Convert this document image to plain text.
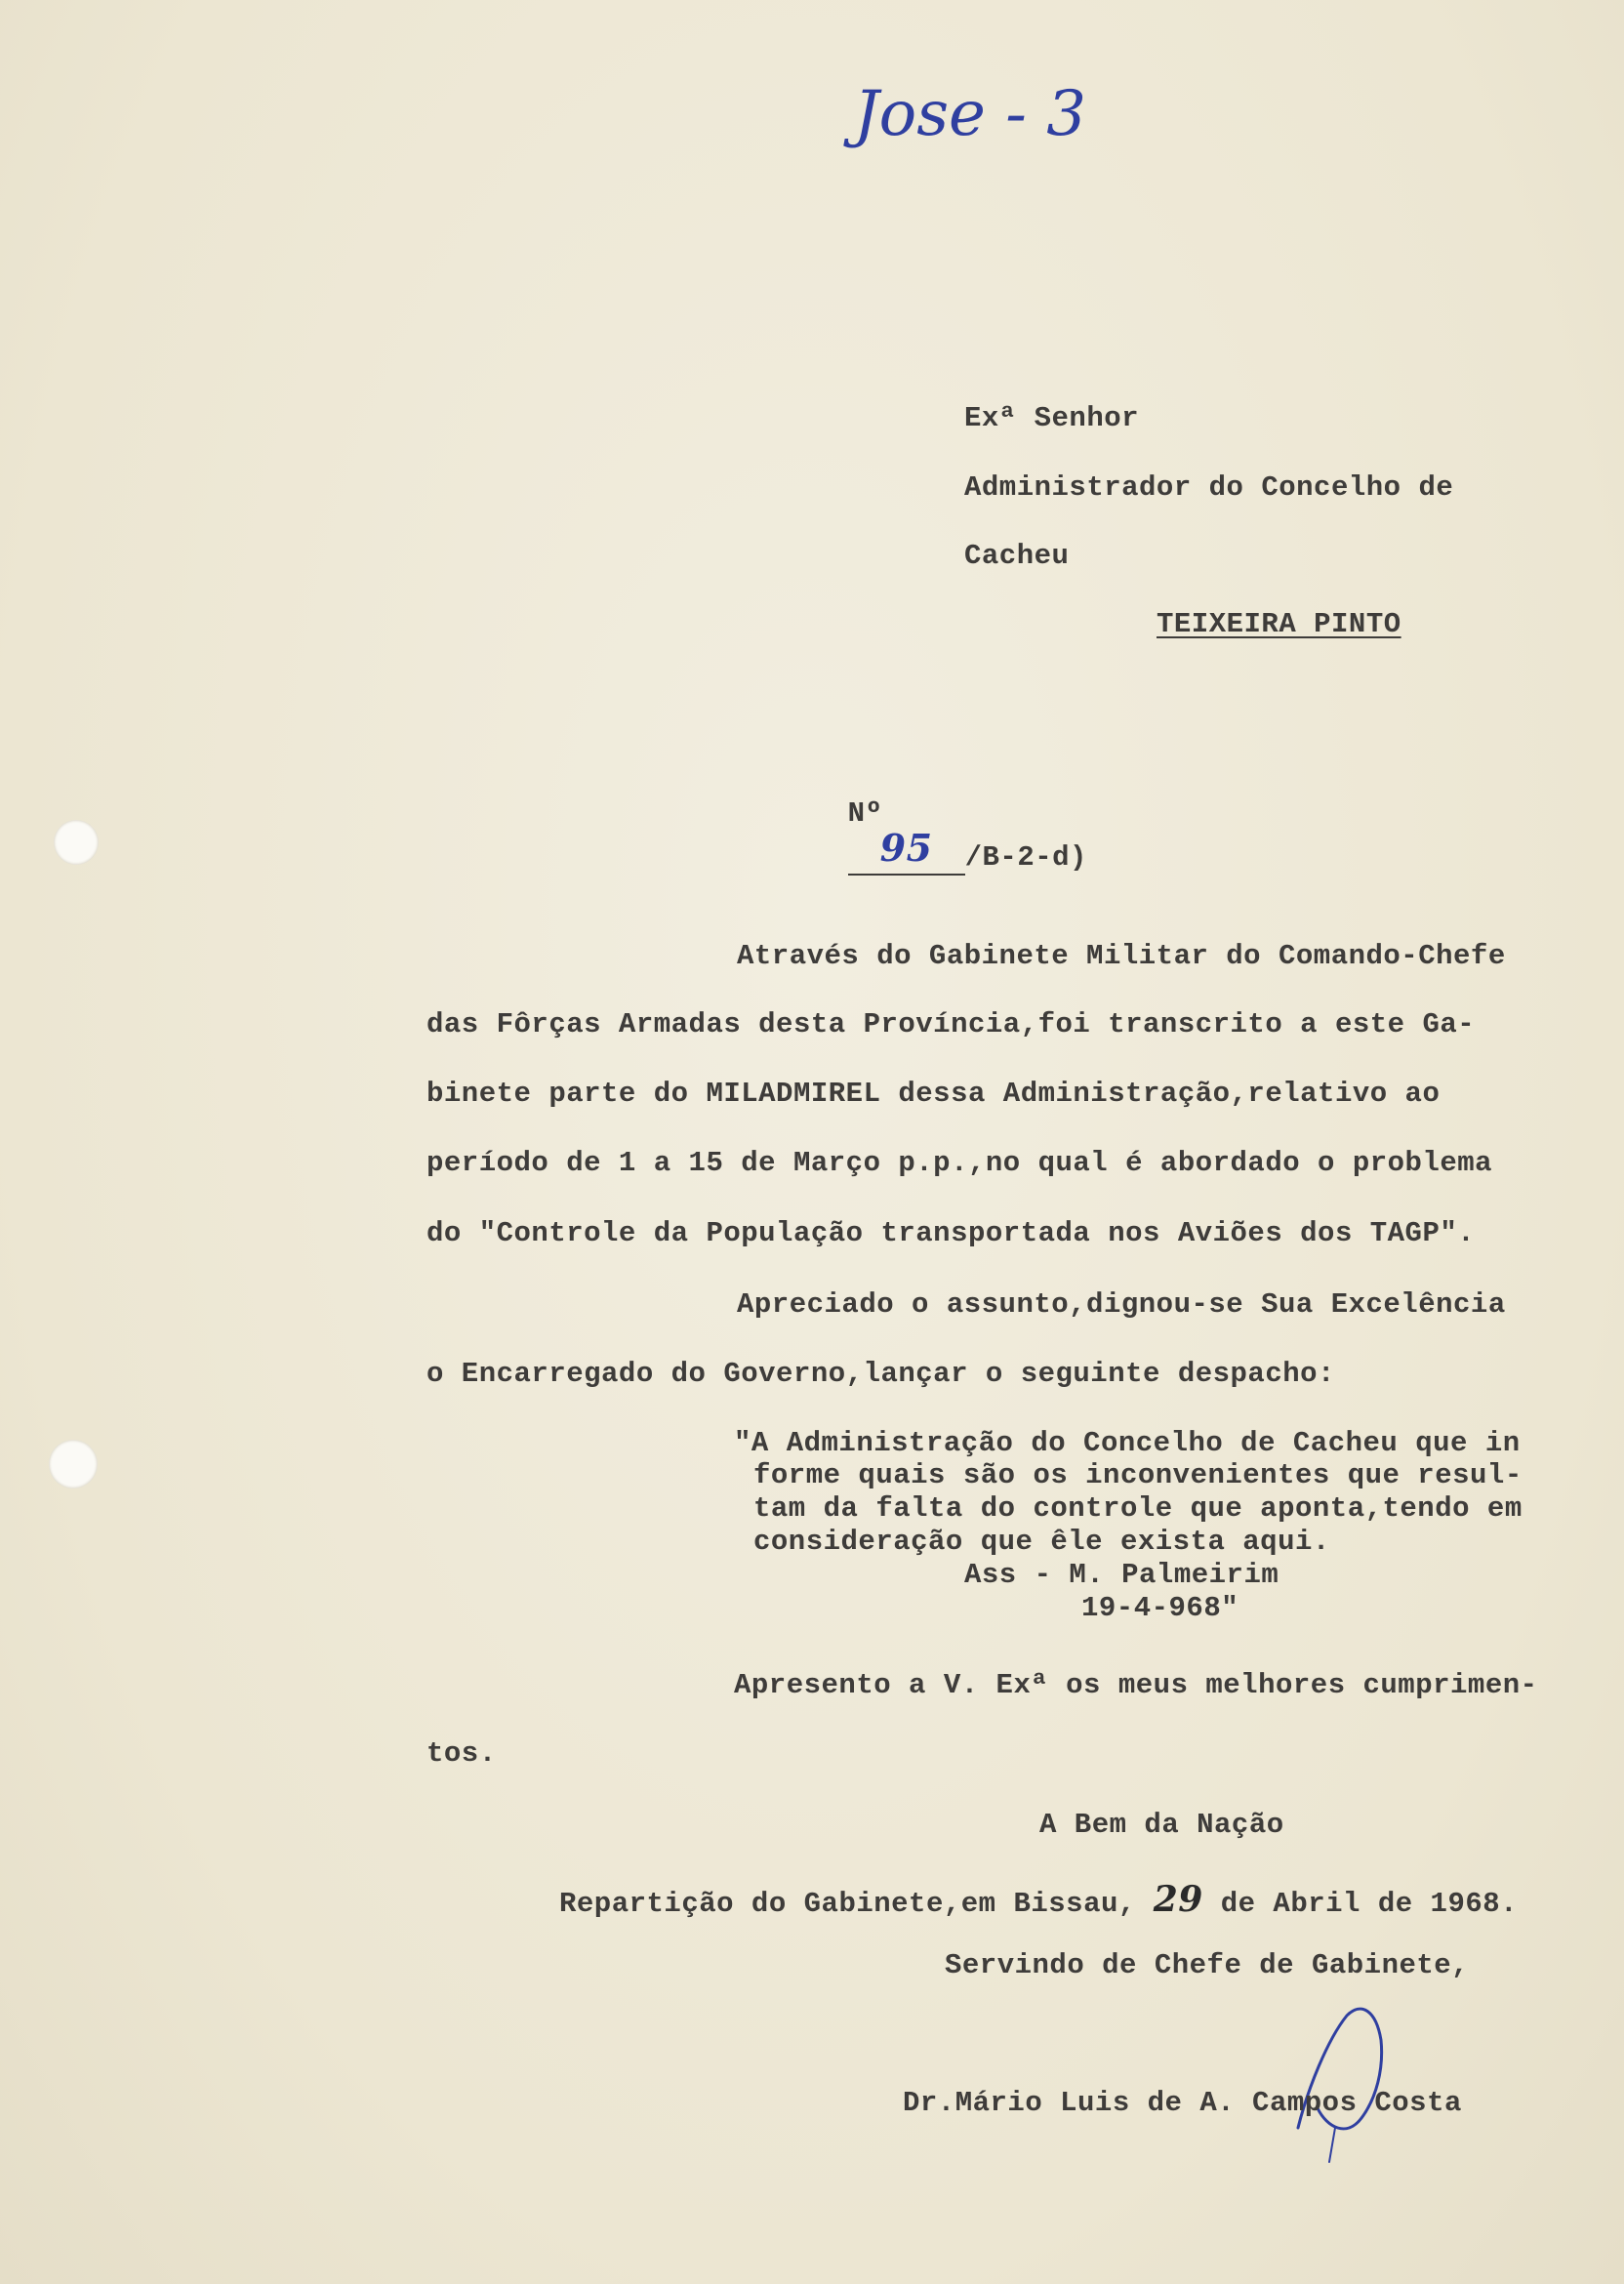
Jose - 3
Exª Senhor
Administrador do Concelho de
Cacheu
TEIXEIRA PINTO

Nº
95 /B-2-d)

Através do Gabinete Militar do Comando-Chefe
das Fôrças Armadas desta Província,foi transcrito a este Ga-
binete parte do MILADMIREL dessa Administração,relativo ao
período de 1 a 15 de Março p.p.,no qual é abordado o problema
do "Controle da População transportada nos Aviões dos TAGP".
Apreciado o assunto,dignou-se Sua Excelência
o Encarregado do Governo,lançar o seguinte despacho:
"A Administração do Concelho de Cacheu que in
forme quais são os inconvenientes que resul-
tam da falta do controle que aponta,tendo em
consideração que êle exista aqui.
Ass - M. Palmeirim
19-4-968"
Apresento a V. Exª os meus melhores cumprimen-
tos.
A Bem da Nação
Repartição do Gabinete,em Bissau, 29 de Abril de 1968.
Servindo de Chefe de Gabinete,
Dr.Mário Luis de A. Campos Costa
